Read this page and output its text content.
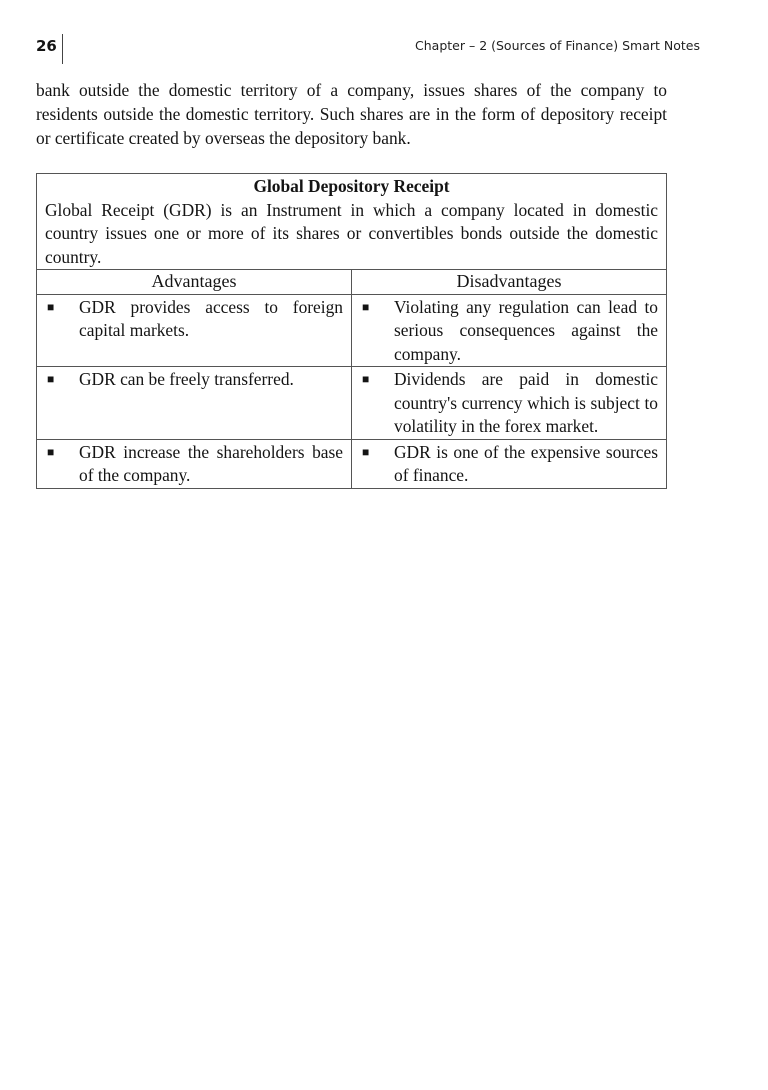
26	Chapter – 2 (Sources of Finance) Smart Notes

bank outside the domestic territory of a company, issues shares of the company to residents outside the domestic territory. Such shares are in the form of depository receipt or certificate created by overseas the depository bank.

Global Depository Receipt
Global Receipt (GDR) is an Instrument in which a company located in domestic country issues one or more of its shares or convertibles bonds outside the domestic country.	

Advantages	Disadvantages

■ GDR provides access to foreign capital markets.	■ Violating any regulation can lead to serious consequences against the company.

■ GDR can be freely transferred.	■ Dividends are paid in domestic country's currency which is subject to volatility in the forex market.

■ GDR increase the shareholders base of the company.	■ GDR is one of the expensive sources of finance.
